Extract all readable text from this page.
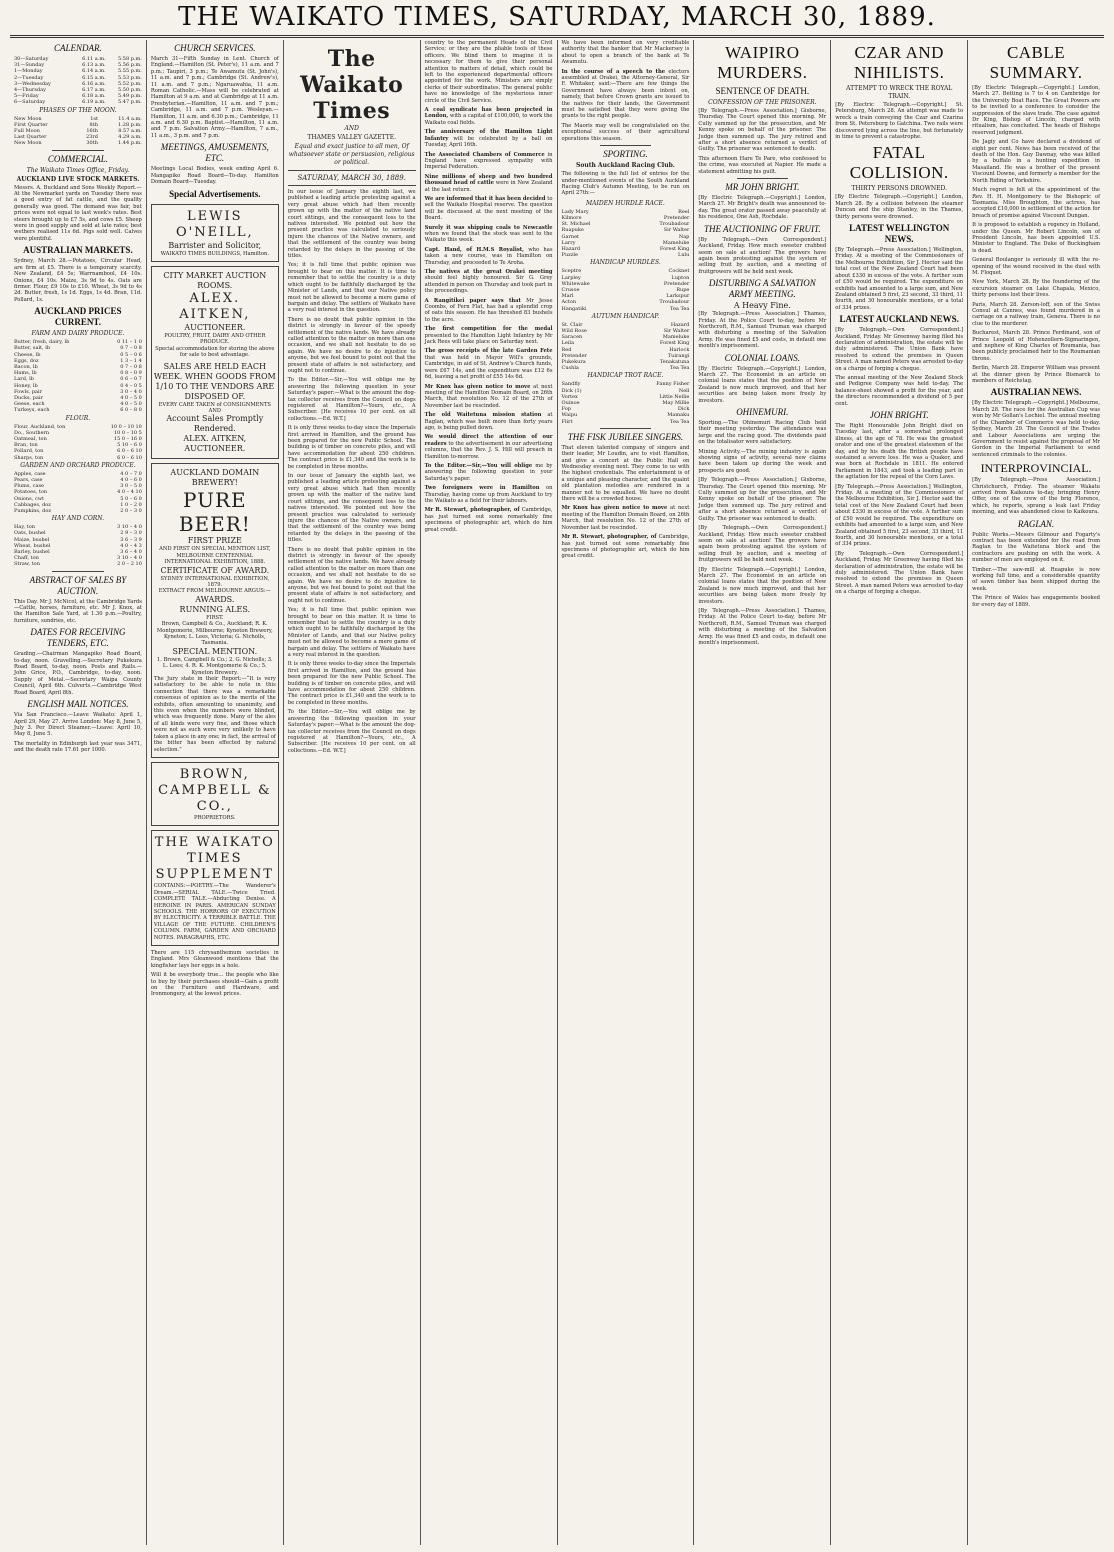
THE WAIKATO TIMES, SATURDAY, MARCH 30, 1889.
CALENDAR.
30—Saturday	6.11 a.m.	5.58 p.m.
31—Sunday	6.13 a.m.	5.56 p.m.
1—Monday	6.14 a.m.	5.55 p.m.
2—Tuesday	6.15 a.m.	5.53 p.m.
3—Wednesday	6.16 a.m.	5.52 p.m.
4—Thursday	6.17 a.m.	5.50 p.m.
5—Friday	6.18 a.m.	5.49 p.m.
6—Saturday	6.19 a.m.	5.47 p.m.
PHASES OF THE MOON.
New Moon	1st	11.4 a.m.
First Quarter	8th	1.28 p.m.
Full Moon	16th	8.57 a.m.
Last Quarter	23rd	4.29 a.m.
New Moon	30th	1.44 p.m.
COMMERCIAL.
The Waikato Times Office, Friday.
AUCKLAND LIVE STOCK MARKETS.
Messrs. A. Buckland and Sons Weekly Report.—At the Newmarket yards on Tuesday there was a good entry of fat cattle, and the quality generally was good. The demand was fair, but prices were not equal to last week's rates. Best steers brought up to £7 5s, and cows £5. Sheep were in good supply and sold at late rates; best wethers realised 11s 6d. Pigs sold well. Calves were plentiful.
AUSTRALIAN MARKETS.
Sydney, March 28.—Potatoes, Circular Head, are firm at £5. There is a temporary scarcity. New Zealand, £4 5s; Warrnambool, £4 10s. Onions, £4 10s. Maize, 3s 9d to 4s. Oats are firmer. Flour, £9 10s to £10. Wheat, 3s 9d to 4s 2d. Butter, fresh, 1s 1d. Eggs, 1s 4d. Bran, 11d. Pollard, 1s.
AUCKLAND PRICES CURRENT.
FARM AND DAIRY PRODUCE.
Butter, fresh, dairy, lb	0 11 – 1 0
Butter, salt, lb	0 7 – 0 8
Cheese, lb	0 5 – 0 6
Eggs, doz	1 3 – 1 4
Bacon, lb	0 7 – 0 8
Hams, lb	0 8 – 0 9
Lard, lb	0 6 – 0 7
Honey, lb	0 4 – 0 5
Fowls, pair	3 0 – 4 0
Ducks, pair	4 0 – 5 0
Geese, each	4 0 – 5 0
Turkeys, each	6 0 – 8 0
FLOUR.
Flour, Auckland, ton	10 0 – 10 10
Do., Southern	10 0 – 10 5
Oatmeal, ton	15 0 – 16 0
Bran, ton	5 10 – 6 0
Pollard, ton	6 0 – 6 10
Sharps, ton	6 0 – 6 10
GARDEN AND ORCHARD PRODUCE.
Apples, case	4 0 – 7 0
Pears, case	4 0 – 6 0
Plums, case	3 0 – 5 0
Potatoes, ton	4 0 – 4 10
Onions, cwt	5 0 – 6 0
Cabbages, doz	1 0 – 2 0
Pumpkins, doz	2 0 – 3 0
HAY AND CORN.
Hay, ton	3 10 – 4 0
Oats, bushel	2 9 – 3 0
Maize, bushel	3 6 – 3 9
Wheat, bushel	4 0 – 4 3
Barley, bushel	3 6 – 4 0
Chaff, ton	3 10 – 4 0
Straw, ton	2 0 – 2 10
ABSTRACT OF SALES BY AUCTION.
This Day. Mr J. McNicol, at the Cambridge Yards—Cattle, horses, furniture, etc. Mr J. Knox, at the Hamilton Sale Yard, at 1.30 p.m.—Poultry, furniture, sundries, etc.
DATES FOR RECEIVING TENDERS, ETC.
Grading.—Chairman Mangapiko Road Board, to-day, noon. Gravelling.—Secretary Pukekura Road Board, to-day, noon. Posts and Rails.—John Grice, P.O., Cambridge, to-day, noon. Supply of Metal.—Secretary Waipa County Council, April 6th. Culverts.—Cambridge West Road Board, April 8th.
ENGLISH MAIL NOTICES.
Via San Francisco.—Leave Waikato: April 1, April 29, May 27. Arrive London: May 8, June 5, July 3. Per Direct Steamer.—Leave: April 10, May 8, June 5.
The mortality in Edinburgh last year was 3471, and the death rate 17.61 per 1000.
CHURCH SERVICES.
March 31—Fifth Sunday in Lent. Church of England.—Hamilton (St. Peter's), 11 a.m. and 7 p.m.; Taupiri, 3 p.m.; Te Awamutu (St. John's), 11 a.m. and 7 p.m.; Cambridge (St. Andrew's), 11 a.m. and 7 p.m.; Ngaruawahia, 11 a.m. Roman Catholic.—Mass will be celebrated at Hamilton at 9 a.m. and at Cambridge at 11 a.m. Presbyterian.—Hamilton, 11 a.m. and 7 p.m.; Cambridge, 11 a.m. and 7 p.m. Wesleyan.—Hamilton, 11 a.m. and 6.30 p.m.; Cambridge, 11 a.m. and 6.30 p.m. Baptist.—Hamilton, 11 a.m. and 7 p.m. Salvation Army.—Hamilton, 7 a.m., 11 a.m., 3 p.m. and 7 p.m.
MEETINGS, AMUSEMENTS, ETC.
Meetings Local Bodies, week ending April 6. Mangapiko Road Board—To-day. Hamilton Domain Board—Tuesday.
Special Advertisements.
LEWIS O'NEILL,
Barrister and Solicitor,
WAIKATO TIMES BUILDINGS, Hamilton.
CITY MARKET AUCTION ROOMS.
ALEX. AITKEN,
AUCTIONEER.
POULTRY, FRUIT, DAIRY AND OTHER PRODUCE.
Special accommodation for storing the above for sale to best advantage.
SALES ARE HELD EACH WEEK. WHEN GOODS FROM 1/10 TO THE VENDORS ARE DISPOSED OF.
EVERY CARE TAKEN of CONSIGNMENTS AND
Account Sales Promptly Rendered.
ALEX. AITKEN, AUCTIONEER.
AUCKLAND DOMAIN BREWERY!
PURE BEER!
FIRST PRIZE
AND FIRST ON SPECIAL MENTION LIST, MELBOURNE CENTENNIAL INTERNATIONAL EXHIBITION, 1888.
CERTIFICATE OF AWARD.
SYDNEY INTERNATIONAL EXHIBITION, 1879.
EXTRACT FROM MELBOURNE ARGUS:—
AWARDS.
RUNNING ALES.
FIRST.
Brown, Campbell & Co., Auckland; R. K. Montgomerie, Milbourne; Kyneton Brewery, Kyneton; L. Lees, Victoria; G. Nicholls, Tasmania.
SPECIAL MENTION.
1. Brown, Campbell & Co.; 2. G. Nicholls; 3. L. Lees; 4. R. K. Montgomerie & Co.; 5. Kyneton Brewery.
The Jury state in their Report:—“It is very satisfactory to be able to note in this connection that there was a remarkable consensus of opinion as to the merits of the exhibits, often amounting to unanimity, and this even when the numbers were blinded, which was frequently done. Many of the ales of all kinds were very fine, and those which were not as such were very unlikely to have taken a place in any one; in fact, the arrival of the bitter has been effected by natural selection.”
BROWN, CAMPBELL & CO.,
PROPRIETORS.
THE WAIKATO TIMES SUPPLEMENT
CONTAINS:—POETRY.—The Wanderer's Dream.—SERIAL TALE.—Twice Tried. COMPLETE TALE.—Abducting Denise. A HEROINE IN PARIS. AMERICAN SUNDAY SCHOOLS. THE HORRORS OF EXECUTION BY ELECTRICITY. A TERRIBLE BATTLE. THE VILLAGE OF THE FUTURE. CHILDREN'S COLUMN. FARM, GARDEN AND ORCHARD NOTES. PARAGRAPHS, ETC.
There are 115 chrysanthemum societies in England. Mrs Gleanwood mentions that the kingfisher lays her eggs in a hole.
Will it be everybody true... the people who like to buy by their purchases should—Gain a profit on the Furniture and Hardware, and Ironmongery, at the lowest prices.
The Waikato Times
AND
THAMES VALLEY GAZETTE.
Equal and exact justice to all men, Of whatsoever state or persuasion, religious or political.
SATURDAY, MARCH 30, 1889.
In our issue of January the eighth last, we published a leading article protesting against a very great abuse which had then recently grown up with the matter of the native land court sittings, and the consequent loss to the natives interested. We pointed out how the present practice was calculated to seriously injure the chances of the Native owners, and that the settlement of the country was being retarded by the delays in the passing of the titles.
Yes; it is full time that public opinion was brought to bear on this matter. It is time to remember that to settle the country is a duty which ought to be faithfully discharged by the Minister of Lands, and that our Native policy must not be allowed to become a mere game of bargain and delay. The settlers of Waikato have a very real interest in the question.
There is no doubt that public opinion in the district is strongly in favour of the speedy settlement of the native lands. We have already called attention to the matter on more than one occasion, and we shall not hesitate to do so again. We have no desire to do injustice to anyone, but we feel bound to point out that the present state of affairs is not satisfactory, and ought not to continue.
To the Editor.—Sir,—You will oblige me by answering the following question in your Saturday's paper:—What is the amount the dog-tax collector receives from the Council on dogs registered at Hamilton?—Yours, etc., A Subscriber. [He receives 10 per cent. on all collections.—Ed. W.T.]
It is only three weeks to-day since the Imperials first arrived in Hamilton, and the ground has been prepared for the new Public School. The building is of timber on concrete piles, and will have accommodation for about 250 children. The contract price is £1,340 and the work is to be completed in three months.
In our issue of January the eighth last, we published a leading article protesting against a very great abuse which had then recently grown up with the matter of the native land court sittings, and the consequent loss to the natives interested. We pointed out how the present practice was calculated to seriously injure the chances of the Native owners, and that the settlement of the country was being retarded by the delays in the passing of the titles.
There is no doubt that public opinion in the district is strongly in favour of the speedy settlement of the native lands. We have already called attention to the matter on more than one occasion, and we shall not hesitate to do so again. We have no desire to do injustice to anyone, but we feel bound to point out that the present state of affairs is not satisfactory, and ought not to continue.
Yes; it is full time that public opinion was brought to bear on this matter. It is time to remember that to settle the country is a duty which ought to be faithfully discharged by the Minister of Lands, and that our Native policy must not be allowed to become a mere game of bargain and delay. The settlers of Waikato have a very real interest in the question.
It is only three weeks to-day since the Imperials first arrived in Hamilton, and the ground has been prepared for the new Public School. The building is of timber on concrete piles, and will have accommodation for about 250 children. The contract price is £1,340 and the work is to be completed in three months.
To the Editor.—Sir,—You will oblige me by answering the following question in your Saturday's paper:—What is the amount the dog-tax collector receives from the Council on dogs registered at Hamilton?—Yours, etc., A Subscriber. [He receives 10 per cent. on all collections.—Ed. W.T.]
country to the permanent Heads of the Civil Service; or they are the pliable tools of these officers. We blind them to imagine it is necessary for them to give their personal attention to matters of detail, which could be left to the experienced departmental officers appointed for the work. Ministers are simply clerks of their subordinates. The general public have no knowledge of the mysterious inner circle of the Civil Service.
A coal syndicate has been projected in London, with a capital of £100,000, to work the Waikato coal fields.
The anniversary of the Hamilton Light Infantry will be celebrated by a ball on Tuesday, April 16th.
The Associated Chambers of Commerce in England have expressed sympathy with Imperial Federation.
Nine millions of sheep and two hundred thousand head of cattle were in New Zealand at the last return.
We are informed that it has been decided to sell the Waikato Hospital reserve. The question will be discussed at the next meeting of the Board.
Surely it was shipping coals to Newcastle when we found that the stock was sent to the Waikato this week.
Capt. Hand, of H.M.S Royalist, who has taken a new course, was in Hamilton on Thursday, and proceeded to Te Aroha.
The natives at the great Orakei meeting should feel highly honoured. Sir G. Grey attended in person on Thursday and took part in the proceedings.
A Rangitikei paper says that Mr Jesse Coombs, of Fern Flat, has had a splendid crop of oats this season. He has threshed 83 bushels to the acre.
The first competition for the medal presented to the Hamilton Light Infantry by Mr Jack Rees will take place on Saturday next.
The gross receipts of the late Garden Fete that was held in Mayor Will's grounds, Cambridge, in aid of St. Andrew's Church funds, were £67 14s, and the expenditure was £12 6s 6d, leaving a net profit of £55 14s 6d.
Mr Knox has given notice to move at next meeting of the Hamilton Domain Board, on 26th March, that resolution No. 12 of the 27th of November last be rescinded.
The old Waitetuna mission station at Raglan, which was built more than forty years ago, is being pulled down.
We would direct the attention of our readers to the advertisement in our advertising columns, that the Rev. J. S. Hill will preach in Hamilton to-morrow.
To the Editor.—Sir,—You will oblige me by answering the following question in your Saturday's paper.
Two foreigners were in Hamilton on Thursday, having come up from Auckland to try the Waikato as a field for their labours.
Mr R. Stewart, photographer, of Cambridge, has just turned out some remarkably fine specimens of photographic art, which do him great credit.
We have been informed on very creditable authority that the banker that Mr Mackersey is about to open a branch of the bank at Te Awamutu.
In the course of a speech to the electors assembled at Orakei, the Attorney-General, Sir F. Whitaker, said:—There are few things the Government have always been intent on, namely, that before Crown grants are issued to the natives for their lands, the Government must be satisfied that they were giving the grants to the right people.
The Maoris may well be congratulated on the exceptional success of their agricultural operations this season.
SPORTING.
South Auckland Racing Club.
The following is the full list of entries for the under-mentioned events of the South Auckland Racing Club's Autumn Meeting, to be run on April 27th:—
MAIDEN HURDLE RACE.
Lady Mary	Reel
Kilmore	Pretender
St. Michael	Troubadour
Ruapuke	Sir Walter
Garnet	Nap
Larry	Mameluke
Hazard	Forest King
Puzzle	Lulu
HANDICAP HURDLES.
Sceptre	Cocknet
Larpley	Lupton
Whitewake	Pretender
Crusoe	Rupe
Marl	Larkspur
Acton	Troubadour
Hangatiki	Tea Tea
AUTUMN HANDICAP.
St. Clair	Hazard
Wild Rose	Sir Walter
Saracen	Mameluke
Leila	Forest King
Red	Harlock
Pretender	Tuirangi
Pukekura	Tenakatuna
Cushla	Tea Tea
HANDICAP TROT RACE.
Sandfly	Fanny Fisher
Dick (1)	Nell
Vortex	Little Nellie
Ouinoe	May Millie
Fop	Dick
Waipu	Mamaku
Flirt	Tea Tea
THE FISK JUBILEE SINGERS.
That eleven talented company of singers and their leader, Mr Loudin, are to visit Hamilton, and give a concert at the Public Hall on Wednesday evening next. They come to us with the highest credentials. The entertainment is of a unique and pleasing character, and the quaint old plantation melodies are rendered in a manner not to be equalled. We have no doubt there will be a crowded house.
Mr Knox has given notice to move at next meeting of the Hamilton Domain Board, on 26th March, that resolution No. 12 of the 27th of November last be rescinded.
Mr R. Stewart, photographer, of Cambridge, has just turned out some remarkably fine specimens of photographic art, which do him great credit.
WAIPIRO MURDERS.
SENTENCE OF DEATH.
CONFESSION OF THE PRISONER.
[By Telegraph.—Press Association.] Gisborne, Thursday. The Court opened this morning. Mr Cully summed up for the prosecution, and Mr Kenny spoke on behalf of the prisoner. The Judge then summed up. The jury retired and after a short absence returned a verdict of Guilty. The prisoner was sentenced to death.
This afternoon Hare Te Pare, who confessed to the crime, was executed at Napier. He made a statement admitting his guilt.
MR JOHN BRIGHT.
[By Electric Telegraph.—Copyright.] London, March 27. Mr Bright's death was announced to-day. The great orator passed away peacefully at his residence, One Ash, Rochdale.
THE AUCTIONING OF FRUIT.
[By Telegraph.—Own Correspondent.] Auckland, Friday. How much sweeter crabbed seem on sale at auction! The growers have again been protesting against the system of selling fruit by auction, and a meeting of fruitgrowers will be held next week.
DISTURBING A SALVATION ARMY MEETING.
A Heavy Fine.
[By Telegraph.—Press Association.] Thames, Friday. At the Police Court to-day, before Mr Northcroft, R.M., Samuel Truman was charged with disturbing a meeting of the Salvation Army. He was fined £5 and costs, in default one month's imprisonment.
COLONIAL LOANS.
[By Electric Telegraph.—Copyright.] London, March 27. The Economist in an article on colonial loans states that the position of New Zealand is now much improved, and that her securities are being taken more freely by investors.
OHINEMURI.
Sporting.—The Ohinemuri Racing Club held their meeting yesterday. The attendance was large and the racing good. The dividends paid on the totalisator were satisfactory.
Mining Activity.—The mining industry is again showing signs of activity, several new claims have been taken up during the week and prospects are good.
[By Telegraph.—Press Association.] Gisborne, Thursday. The Court opened this morning. Mr Cully summed up for the prosecution, and Mr Kenny spoke on behalf of the prisoner. The Judge then summed up. The jury retired and after a short absence returned a verdict of Guilty. The prisoner was sentenced to death.
[By Telegraph.—Own Correspondent.] Auckland, Friday. How much sweeter crabbed seem on sale at auction! The growers have again been protesting against the system of selling fruit by auction, and a meeting of fruitgrowers will be held next week.
[By Electric Telegraph.—Copyright.] London, March 27. The Economist in an article on colonial loans states that the position of New Zealand is now much improved, and that her securities are being taken more freely by investors.
[By Telegraph.—Press Association.] Thames, Friday. At the Police Court to-day, before Mr Northcroft, R.M., Samuel Truman was charged with disturbing a meeting of the Salvation Army. He was fined £5 and costs, in default one month's imprisonment.
CZAR AND NIHILISTS.
ATTEMPT TO WRECK THE ROYAL TRAIN.
[By Electric Telegraph.—Copyright.] St. Petersburg, March 28. An attempt was made to wreck a train conveying the Czar and Czarina from St. Petersburg to Gatchina. Two rails were discovered lying across the line, but fortunately in time to prevent a catastrophe.
FATAL COLLISION.
THIRTY PERSONS DROWNED.
[By Electric Telegraph.—Copyright.] London, March 28. By a collision between the steamer Duncan and the ship Stanley, in the Thames, thirty persons were drowned.
LATEST WELLINGTON NEWS.
[By Telegraph.—Press Association.] Wellington, Friday. At a meeting of the Commissioners of the Melbourne Exhibition, Sir J. Hector said the total cost of the New Zealand Court had been about £330 in excess of the vote. A further sum of £50 would be required. The expenditure on exhibits had amounted to a large sum, and New Zealand obtained 5 first, 23 second, 33 third, 11 fourth, and 30 honourable mentions, or a total of 334 prizes.
LATEST AUCKLAND NEWS.
[By Telegraph.—Own Correspondent.] Auckland, Friday. Mr Greenway having filed his declaration of administration, the estate will be duly administered. The Union Bank have resolved to extend the premises in Queen Street. A man named Peters was arrested to-day on a charge of forging a cheque.
The annual meeting of the New Zealand Stock and Pedigree Company was held to-day. The balance-sheet showed a profit for the year, and the directors recommended a dividend of 5 per cent.
JOHN BRIGHT.
The Right Honourable John Bright died on Tuesday last, after a somewhat prolonged illness, at the age of 78. He was the greatest orator and one of the greatest statesmen of the day, and by his death the British people have sustained a severe loss. He was a Quaker, and was born at Rochdale in 1811. He entered Parliament in 1843, and took a leading part in the agitation for the repeal of the Corn Laws.
[By Telegraph.—Press Association.] Wellington, Friday. At a meeting of the Commissioners of the Melbourne Exhibition, Sir J. Hector said the total cost of the New Zealand Court had been about £330 in excess of the vote. A further sum of £50 would be required. The expenditure on exhibits had amounted to a large sum, and New Zealand obtained 5 first, 23 second, 33 third, 11 fourth, and 30 honourable mentions, or a total of 334 prizes.
[By Telegraph.—Own Correspondent.] Auckland, Friday. Mr Greenway having filed his declaration of administration, the estate will be duly administered. The Union Bank have resolved to extend the premises in Queen Street. A man named Peters was arrested to-day on a charge of forging a cheque.
CABLE SUMMARY.
[By Electric Telegraph.—Copyright.] London, March 27. Betting is 7 to 4 on Cambridge for the University Boat Race. The Great Powers are to be invited to a conference to consider the suppression of the slave trade. The case against Dr King, Bishop of Lincoln, charged with ritualism, has concluded. The heads of Bishops reserved judgment.
De Jagiy and Co have declared a dividend of eight per cent. News has been received of the death of the Hon. Guy Dawnay, who was killed by a buffalo in a hunting expedition in Masailand. He was a brother of the present Viscount Downe, and formerly a member for the North Riding of Yorkshire.
Much regret is felt at the appointment of the Rev. H. H. Montgomery to the Bishopric of Tasmania. Miss Broughton, the actress, has accepted £10,000 in settlement of the action for breach of promise against Viscount Dungan.
It is proposed to establish a regency in Holland, under the Queen. Mr Robert Lincoln, son of President Lincoln, has been appointed U.S. Minister to England. The Duke of Buckingham is dead.
General Boulanger is seriously ill with the re-opening of the wound received in the duel with M. Floquet.
New York, March 28. By the foundering of the excursion steamer on Lake Chapala, Mexico, thirty persons lost their lives.
Paris, March 28. Zerson-loff, son of the Swiss Consul at Cannes, was found murdered in a carriage on a railway train, Geneva. There is no clue to the murderer.
Bucharest, March 28. Prince Ferdinand, son of Prince Leopold of Hohenzollern-Sigmaringen, and nephew of King Charles of Roumania, has been publicly proclaimed heir to the Roumanian throne.
Berlin, March 28. Emperor William was present at the dinner given by Prince Bismarck to members of Reichstag.
AUSTRALIAN NEWS.
[By Electric Telegraph.—Copyright.] Melbourne, March 28. The race for the Australian Cup was won by Mr Gollan's Lochiel. The annual meeting of the Chamber of Commerce was held to-day. Sydney, March 29. The Council of the Trades and Labour Associations are urging the Government to resist against the proposal of Mr Gordon in the Imperial Parliament to send sentenced criminals to the colonies.
INTERPROVINCIAL.
[By Telegraph.—Press Association.] Christchurch, Friday. The steamer Wakatu arrived from Kaikoura to-day, bringing Henry Offer, one of the crew of the brig Florence, which, he reports, sprang a leak last Friday morning, and was abandoned close to Kaikoura.
RAGLAN.
Public Works.—Messrs Gilmour and Fogarty's contract has been extended for the road from Raglan to the Waitetuna block and the contractors are pushing on with the work. A number of men are employed on it.
Timber.—The saw-mill at Ruapuke is now working full time, and a considerable quantity of sawn timber has been shipped during the week.
The Prince of Wales has engagements booked for every day of 1889.
